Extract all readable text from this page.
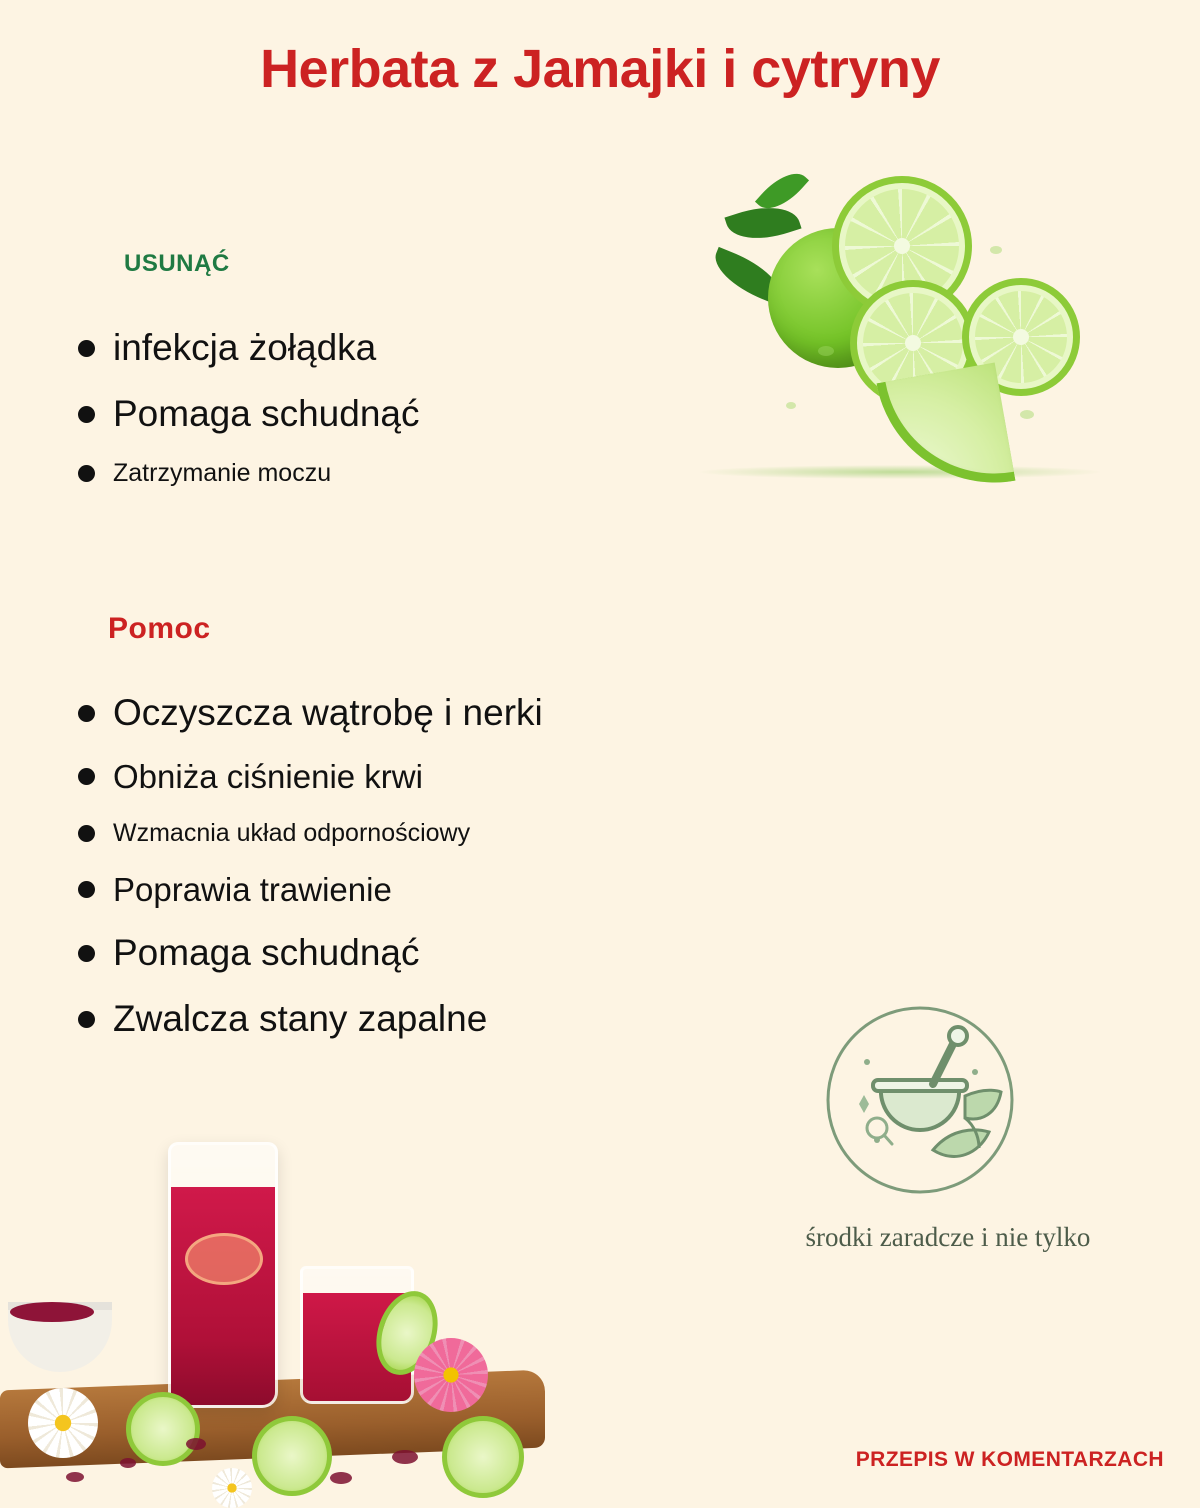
Herbata z Jamajki i cytryny
USUNĄĆ
infekcja żołądka
Pomaga schudnąć
Zatrzymanie moczu
Pomoc
Oczyszcza wątrobę i nerki
Obniża ciśnienie krwi
Wzmacnia układ odpornościowy
Poprawia trawienie
Pomaga schudnąć
Zwalcza stany zapalne
środki zaradcze i nie tylko
PRZEPIS W KOMENTARZACH
